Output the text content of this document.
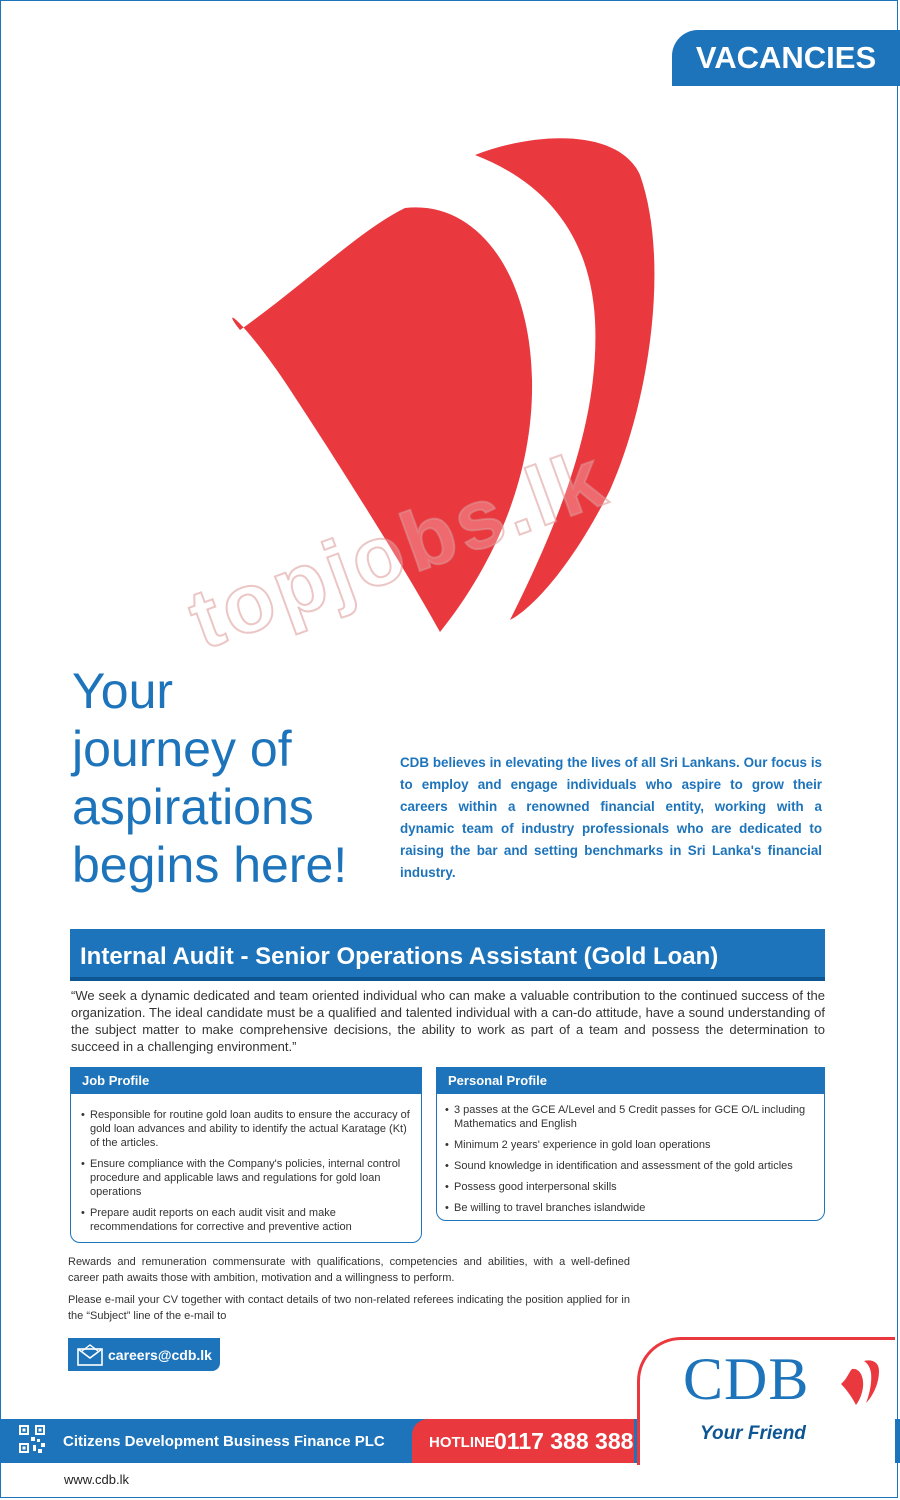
VACANCIES
topjobs.lk
Your
journey of
aspirations
begins here!
CDB believes in elevating the lives of all Sri Lankans. Our focus is to employ and engage individuals who aspire to grow their careers within a renowned financial entity, working with a dynamic team of industry professionals who are dedicated to raising the bar and setting benchmarks in Sri Lanka's financial industry.
Internal Audit - Senior Operations Assistant (Gold Loan)
“We seek a dynamic dedicated and team oriented individual who can make a valuable contribution to the continued success of the organization. The ideal candidate must be a qualified and talented individual with a can-do attitude, have a sound understanding of the subject matter to make comprehensive decisions, the ability to work as part of a team and possess the determination to succeed in a challenging environment.”
Job Profile
• Responsible for routine gold loan audits to ensure the accuracy of gold loan advances and ability to identify the actual Karatage (Kt) of the articles.
• Ensure compliance with the Company's policies, internal control procedure and applicable laws and regulations for gold loan operations
• Prepare audit reports on each audit visit and make recommendations for corrective and preventive action
Personal Profile
• 3 passes at the GCE A/Level and 5 Credit passes for GCE O/L including Mathematics and English
• Minimum 2 years' experience in gold loan operations
• Sound knowledge in identification and assessment of the gold articles
• Possess good interpersonal skills
• Be willing to travel branches islandwide
Rewards and remuneration commensurate with qualifications, competencies and abilities, with a well-defined career path awaits those with ambition, motivation and a willingness to perform.
Please e-mail your CV together with contact details of two non-related referees indicating the position applied for in the “Subject” line of the e-mail to
careers@cdb.lk
Citizens Development Business Finance PLC	HOTLINE 0117 388 388
CDB
Your Friend
www.cdb.lk
